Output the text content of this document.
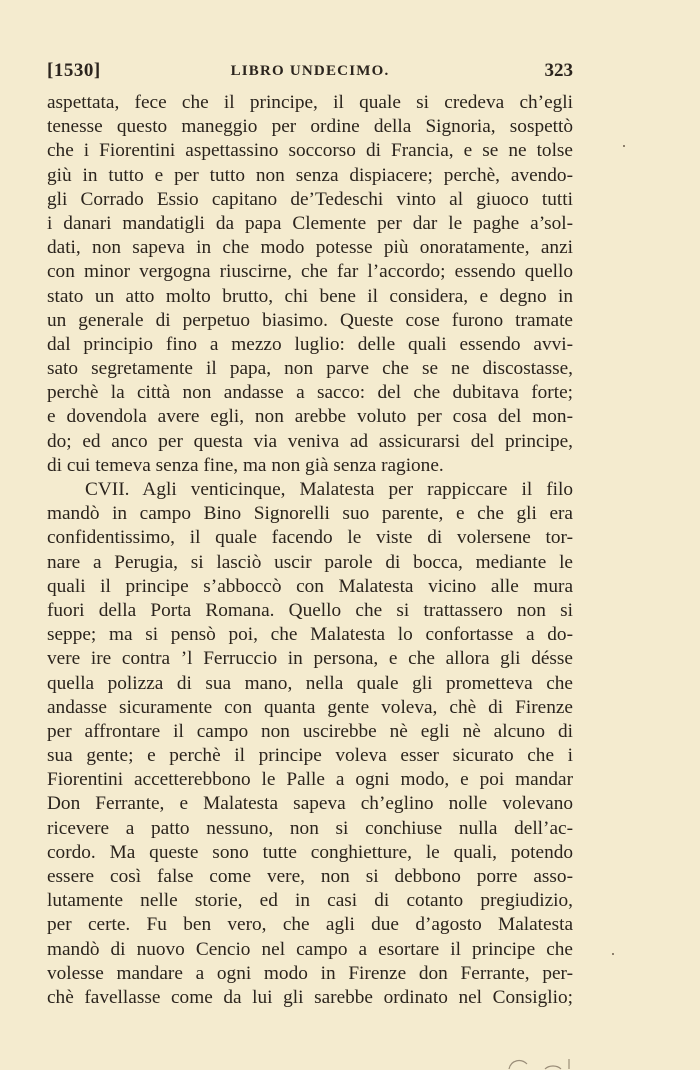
[1530]	LIBRO UNDECIMO.	323
aspettata, fece che il principe, il quale si credeva ch’egli
tenesse questo maneggio per ordine della Signoria, sospettò
che i Fiorentini aspettassino soccorso di Francia, e se ne tolse
giù in tutto e per tutto non senza dispiacere; perchè, avendo-
gli Corrado Essio capitano de’Tedeschi vinto al giuoco tutti
i danari mandatigli da papa Clemente per dar le paghe a’sol-
dati, non sapeva in che modo potesse più onoratamente, anzi
con minor vergogna riuscirne, che far l’accordo; essendo quello
stato un atto molto brutto, chi bene il considera, e degno in
un generale di perpetuo biasimo. Queste cose furono tramate
dal principio fino a mezzo luglio: delle quali essendo avvi-
sato segretamente il papa, non parve che se ne discostasse,
perchè la città non andasse a sacco: del che dubitava forte;
e dovendola avere egli, non arebbe voluto per cosa del mon-
do; ed anco per questa via veniva ad assicurarsi del principe,
di cui temeva senza fine, ma non già senza ragione.
CVII. Agli venticinque, Malatesta per rappiccare il filo
mandò in campo Bino Signorelli suo parente, e che gli era
confidentissimo, il quale facendo le viste di volersene tor-
nare a Perugia, si lasciò uscir parole di bocca, mediante le
quali il principe s’abboccò con Malatesta vicino alle mura
fuori della Porta Romana. Quello che si trattassero non si
seppe; ma si pensò poi, che Malatesta lo confortasse a do-
vere ire contra ’l Ferruccio in persona, e che allora gli désse
quella polizza di sua mano, nella quale gli prometteva che
andasse sicuramente con quanta gente voleva, chè di Firenze
per affrontare il campo non uscirebbe nè egli nè alcuno di
sua gente; e perchè il principe voleva esser sicurato che i
Fiorentini accetterebbono le Palle a ogni modo, e poi mandar
Don Ferrante, e Malatesta sapeva ch’eglino nolle volevano
ricevere a patto nessuno, non si conchiuse nulla dell’ac-
cordo. Ma queste sono tutte conghietture, le quali, potendo
essere così false come vere, non si debbono porre asso-
lutamente nelle storie, ed in casi di cotanto pregiudizio,
per certe. Fu ben vero, che agli due d’agosto Malatesta
mandò di nuovo Cencio nel campo a esortare il principe che
volesse mandare a ogni modo in Firenze don Ferrante, per-
chè favellasse come da lui gli sarebbe ordinato nel Consiglio;
